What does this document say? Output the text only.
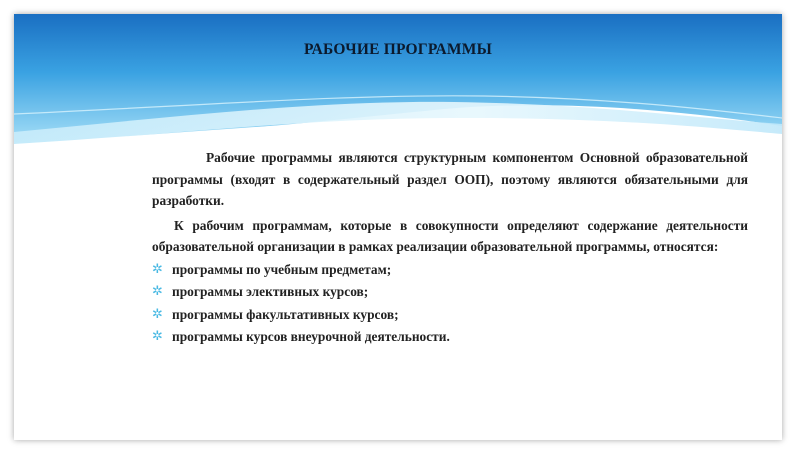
РАБОЧИЕ ПРОГРАММЫ

Рабочие программы являются структурным компонентом Основной образовательной программы (входят в содержательный раздел ООП), поэтому являются обязательными для разработки.

К рабочим программам, которые в совокупности определяют содержание деятельности образовательной организации в рамках реализации образовательной программы, относятся:

✲ программы по учебным предметам;
✲ программы элективных курсов;
✲ программы факультативных курсов;
✲ программы курсов внеурочной деятельности.
